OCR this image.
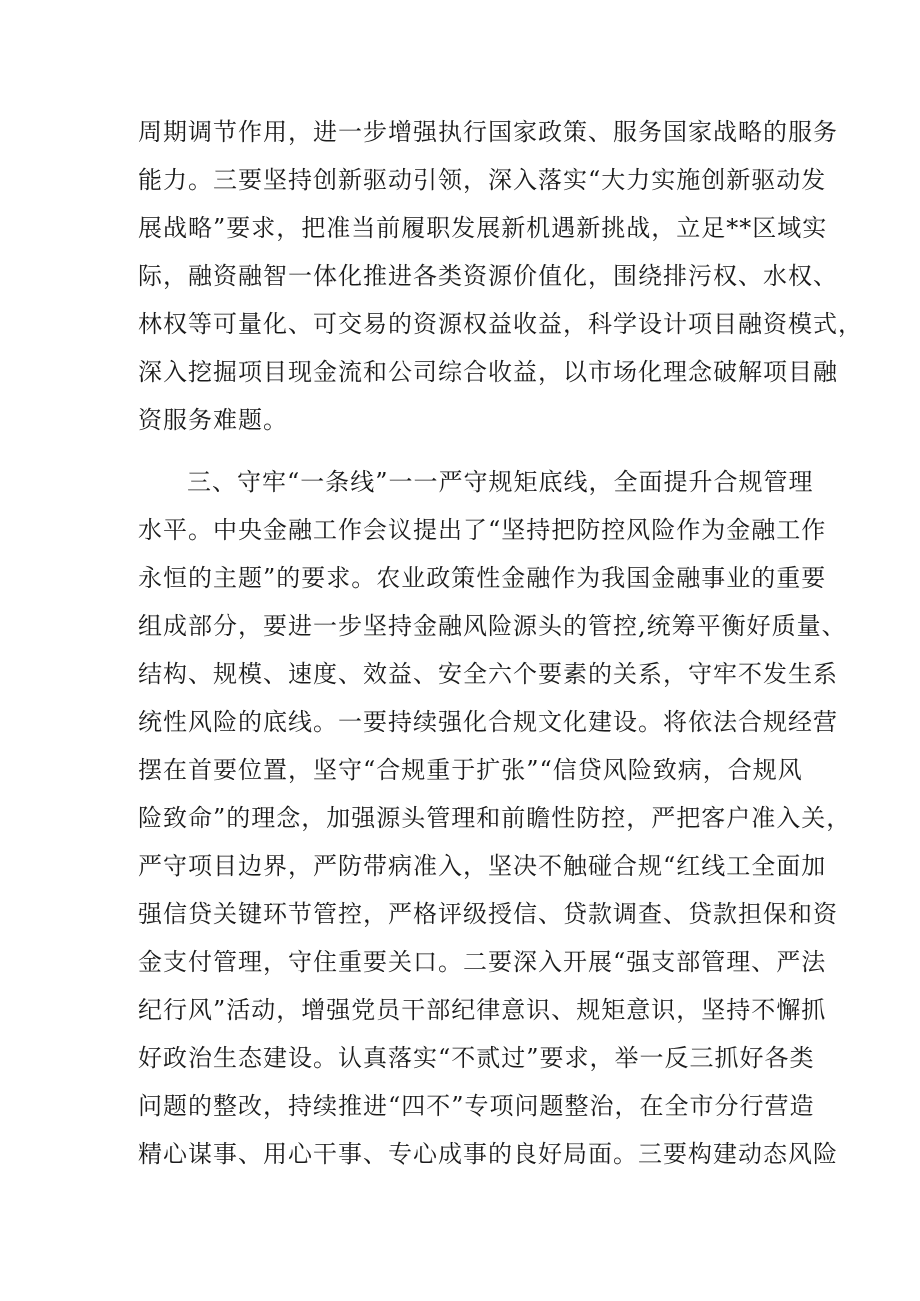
周期调节作用，进一步增强执行国家政策、服务国家战略的服务
能力。三要坚持创新驱动引领，深入落实“大力实施创新驱动发
展战略”要求，把准当前履职发展新机遇新挑战，立足**区域实
际，融资融智一体化推进各类资源价值化，围绕排污权、水权、
林权等可量化、可交易的资源权益收益，科学设计项目融资模式，
深入挖掘项目现金流和公司综合收益，以市场化理念破解项目融
资服务难题。
三、守牢“一条线”一一严守规矩底线，全面提升合规管理
水平。中央金融工作会议提出了“坚持把防控风险作为金融工作
永恒的主题”的要求。农业政策性金融作为我国金融事业的重要
组成部分，要进一步坚持金融风险源头的管控,统筹平衡好质量、
结构、规模、速度、效益、安全六个要素的关系，守牢不发生系
统性风险的底线。一要持续强化合规文化建设。将依法合规经营
摆在首要位置，坚守“合规重于扩张”“信贷风险致病，合规风
险致命”的理念，加强源头管理和前瞻性防控，严把客户准入关，
严守项目边界，严防带病准入，坚决不触碰合规“红线工全面加
强信贷关键环节管控，严格评级授信、贷款调查、贷款担保和资
金支付管理，守住重要关口。二要深入开展“强支部管理、严法
纪行风”活动，增强党员干部纪律意识、规矩意识，坚持不懈抓
好政治生态建设。认真落实“不贰过”要求，举一反三抓好各类
问题的整改，持续推进“四不”专项问题整治，在全市分行营造
精心谋事、用心干事、专心成事的良好局面。三要构建动态风险
